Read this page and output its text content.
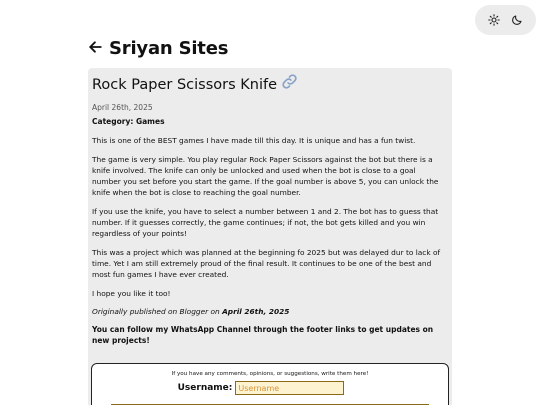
Sriyan Sites
Rock Paper Scissors Knife
April 26th, 2025
Category: Games

This is one of the BEST games I have made till this day. It is unique and has a fun twist.

The game is very simple. You play regular Rock Paper Scissors against the bot but there is a knife involved. The knife can only be unlocked and used when the bot is close to a goal number you set before you start the game. If the goal number is above 5, you can unlock the knife when the bot is close to reaching the goal number.

If you use the knife, you have to select a number between 1 and 2. The bot has to guess that number. If it guesses correctly, the game continues; if not, the bot gets killed and you win regardless of your points!

This was a project which was planned at the beginning fo 2025 but was delayed dur to lack of time. Yet I am still extremely proud of the final result. It continues to be one of the best and most fun games I have ever created.

I hope you like it too!

Originally published on Blogger on April 26th, 2025

You can follow my WhatsApp Channel through the footer links to get updates on new projects!

If you have any comments, opinions, or suggestions, write them here!
Username:
Username
